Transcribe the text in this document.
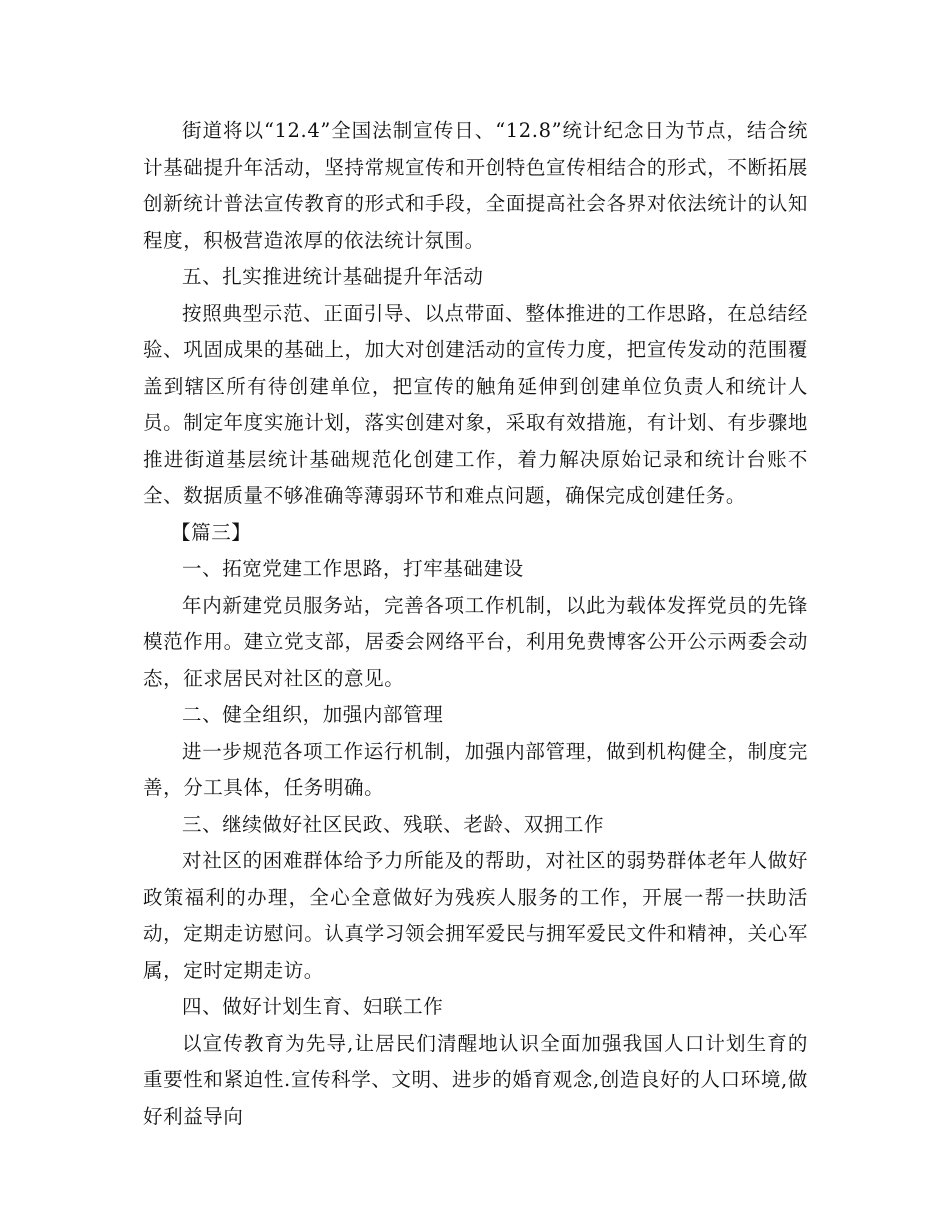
街道将以“12.4”全国法制宣传日、“12.8”统计纪念日为节点，结合统计基础提升年活动，坚持常规宣传和开创特色宣传相结合的形式，不断拓展创新统计普法宣传教育的形式和手段，全面提高社会各界对依法统计的认知程度，积极营造浓厚的依法统计氛围。

五、扎实推进统计基础提升年活动

按照典型示范、正面引导、以点带面、整体推进的工作思路，在总结经验、巩固成果的基础上，加大对创建活动的宣传力度，把宣传发动的范围覆盖到辖区所有待创建单位，把宣传的触角延伸到创建单位负责人和统计人员。制定年度实施计划，落实创建对象，采取有效措施，有计划、有步骤地推进街道基层统计基础规范化创建工作，着力解决原始记录和统计台账不全、数据质量不够准确等薄弱环节和难点问题，确保完成创建任务。

【篇三】

一、拓宽党建工作思路，打牢基础建设

年内新建党员服务站，完善各项工作机制，以此为载体发挥党员的先锋模范作用。建立党支部，居委会网络平台，利用免费博客公开公示两委会动态，征求居民对社区的意见。

二、健全组织，加强内部管理

进一步规范各项工作运行机制，加强内部管理，做到机构健全，制度完善，分工具体，任务明确。

三、继续做好社区民政、残联、老龄、双拥工作

对社区的困难群体给予力所能及的帮助，对社区的弱势群体老年人做好政策福利的办理，全心全意做好为残疾人服务的工作，开展一帮一扶助活动，定期走访慰问。认真学习领会拥军爱民与拥军爱民文件和精神，关心军属，定时定期走访。

四、做好计划生育、妇联工作

以宣传教育为先导,让居民们清醒地认识全面加强我国人口计划生育的重要性和紧迫性.宣传科学、文明、进步的婚育观念,创造良好的人口环境,做好利益导向
